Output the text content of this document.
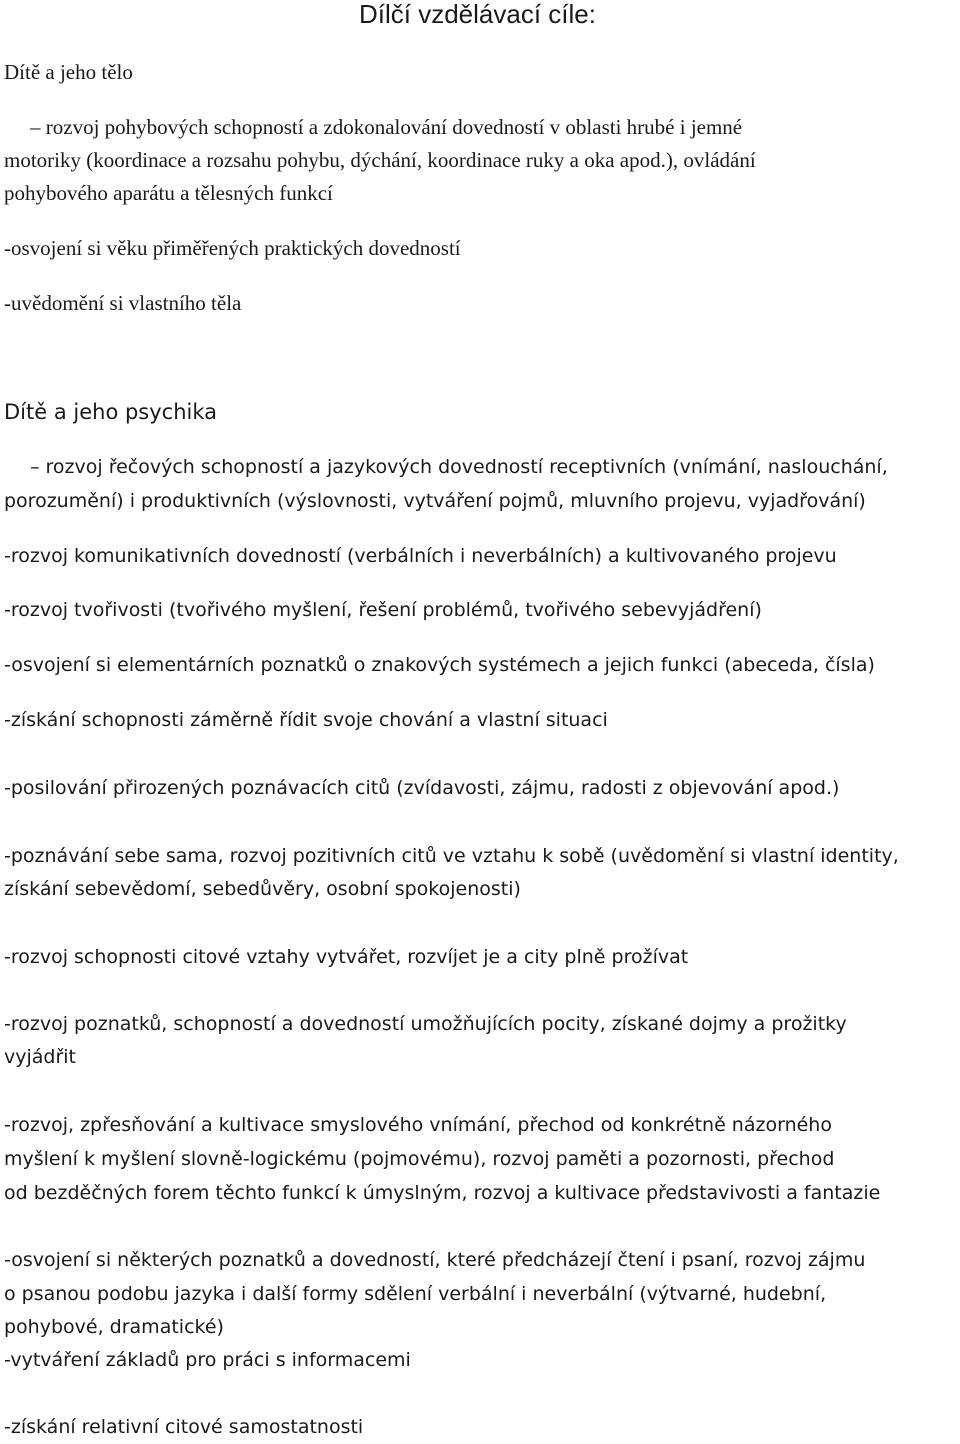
Dílčí vzdělávací cíle:
Dítě a jeho tělo
– rozvoj pohybových schopností a zdokonalování dovedností v oblasti hrubé i jemné
motoriky (koordinace a rozsahu pohybu, dýchání, koordinace ruky a oka apod.), ovládání
pohybového aparátu a tělesných funkcí
-osvojení si věku přiměřených praktických dovedností
-uvědomění si vlastního těla
Dítě a jeho psychika
– rozvoj řečových schopností a jazykových dovedností receptivních (vnímání, naslouchání,
porozumění) i produktivních (výslovnosti, vytváření pojmů, mluvního projevu, vyjadřování)
-rozvoj komunikativních dovedností (verbálních i neverbálních) a kultivovaného projevu
-rozvoj tvořivosti (tvořivého myšlení, řešení problémů, tvořivého sebevyjádření)
-osvojení si elementárních poznatků o znakových systémech a jejich funkci (abeceda, čísla)
-získání schopnosti záměrně řídit svoje chování a vlastní situaci
-posilování přirozených poznávacích citů (zvídavosti, zájmu, radosti z objevování apod.)
-poznávání sebe sama, rozvoj pozitivních citů ve vztahu k sobě (uvědomění si vlastní identity,
získání sebevědomí, sebedůvěry, osobní spokojenosti)
-rozvoj schopnosti citové vztahy vytvářet, rozvíjet je a city plně prožívat
-rozvoj poznatků, schopností a dovedností umožňujících pocity, získané dojmy a prožitky
vyjádřit
-rozvoj, zpřesňování a kultivace smyslového vnímání, přechod od konkrétně názorného
myšlení k myšlení slovně-logickému (pojmovému), rozvoj paměti a pozornosti, přechod
od bezděčných forem těchto funkcí k úmyslným, rozvoj a kultivace představivosti a fantazie
-osvojení si některých poznatků a dovedností, které předcházejí čtení i psaní, rozvoj zájmu
o psanou podobu jazyka i další formy sdělení verbální i neverbální (výtvarné, hudební,
pohybové, dramatické)
-vytváření základů pro práci s informacemi
-získání relativní citové samostatnosti
